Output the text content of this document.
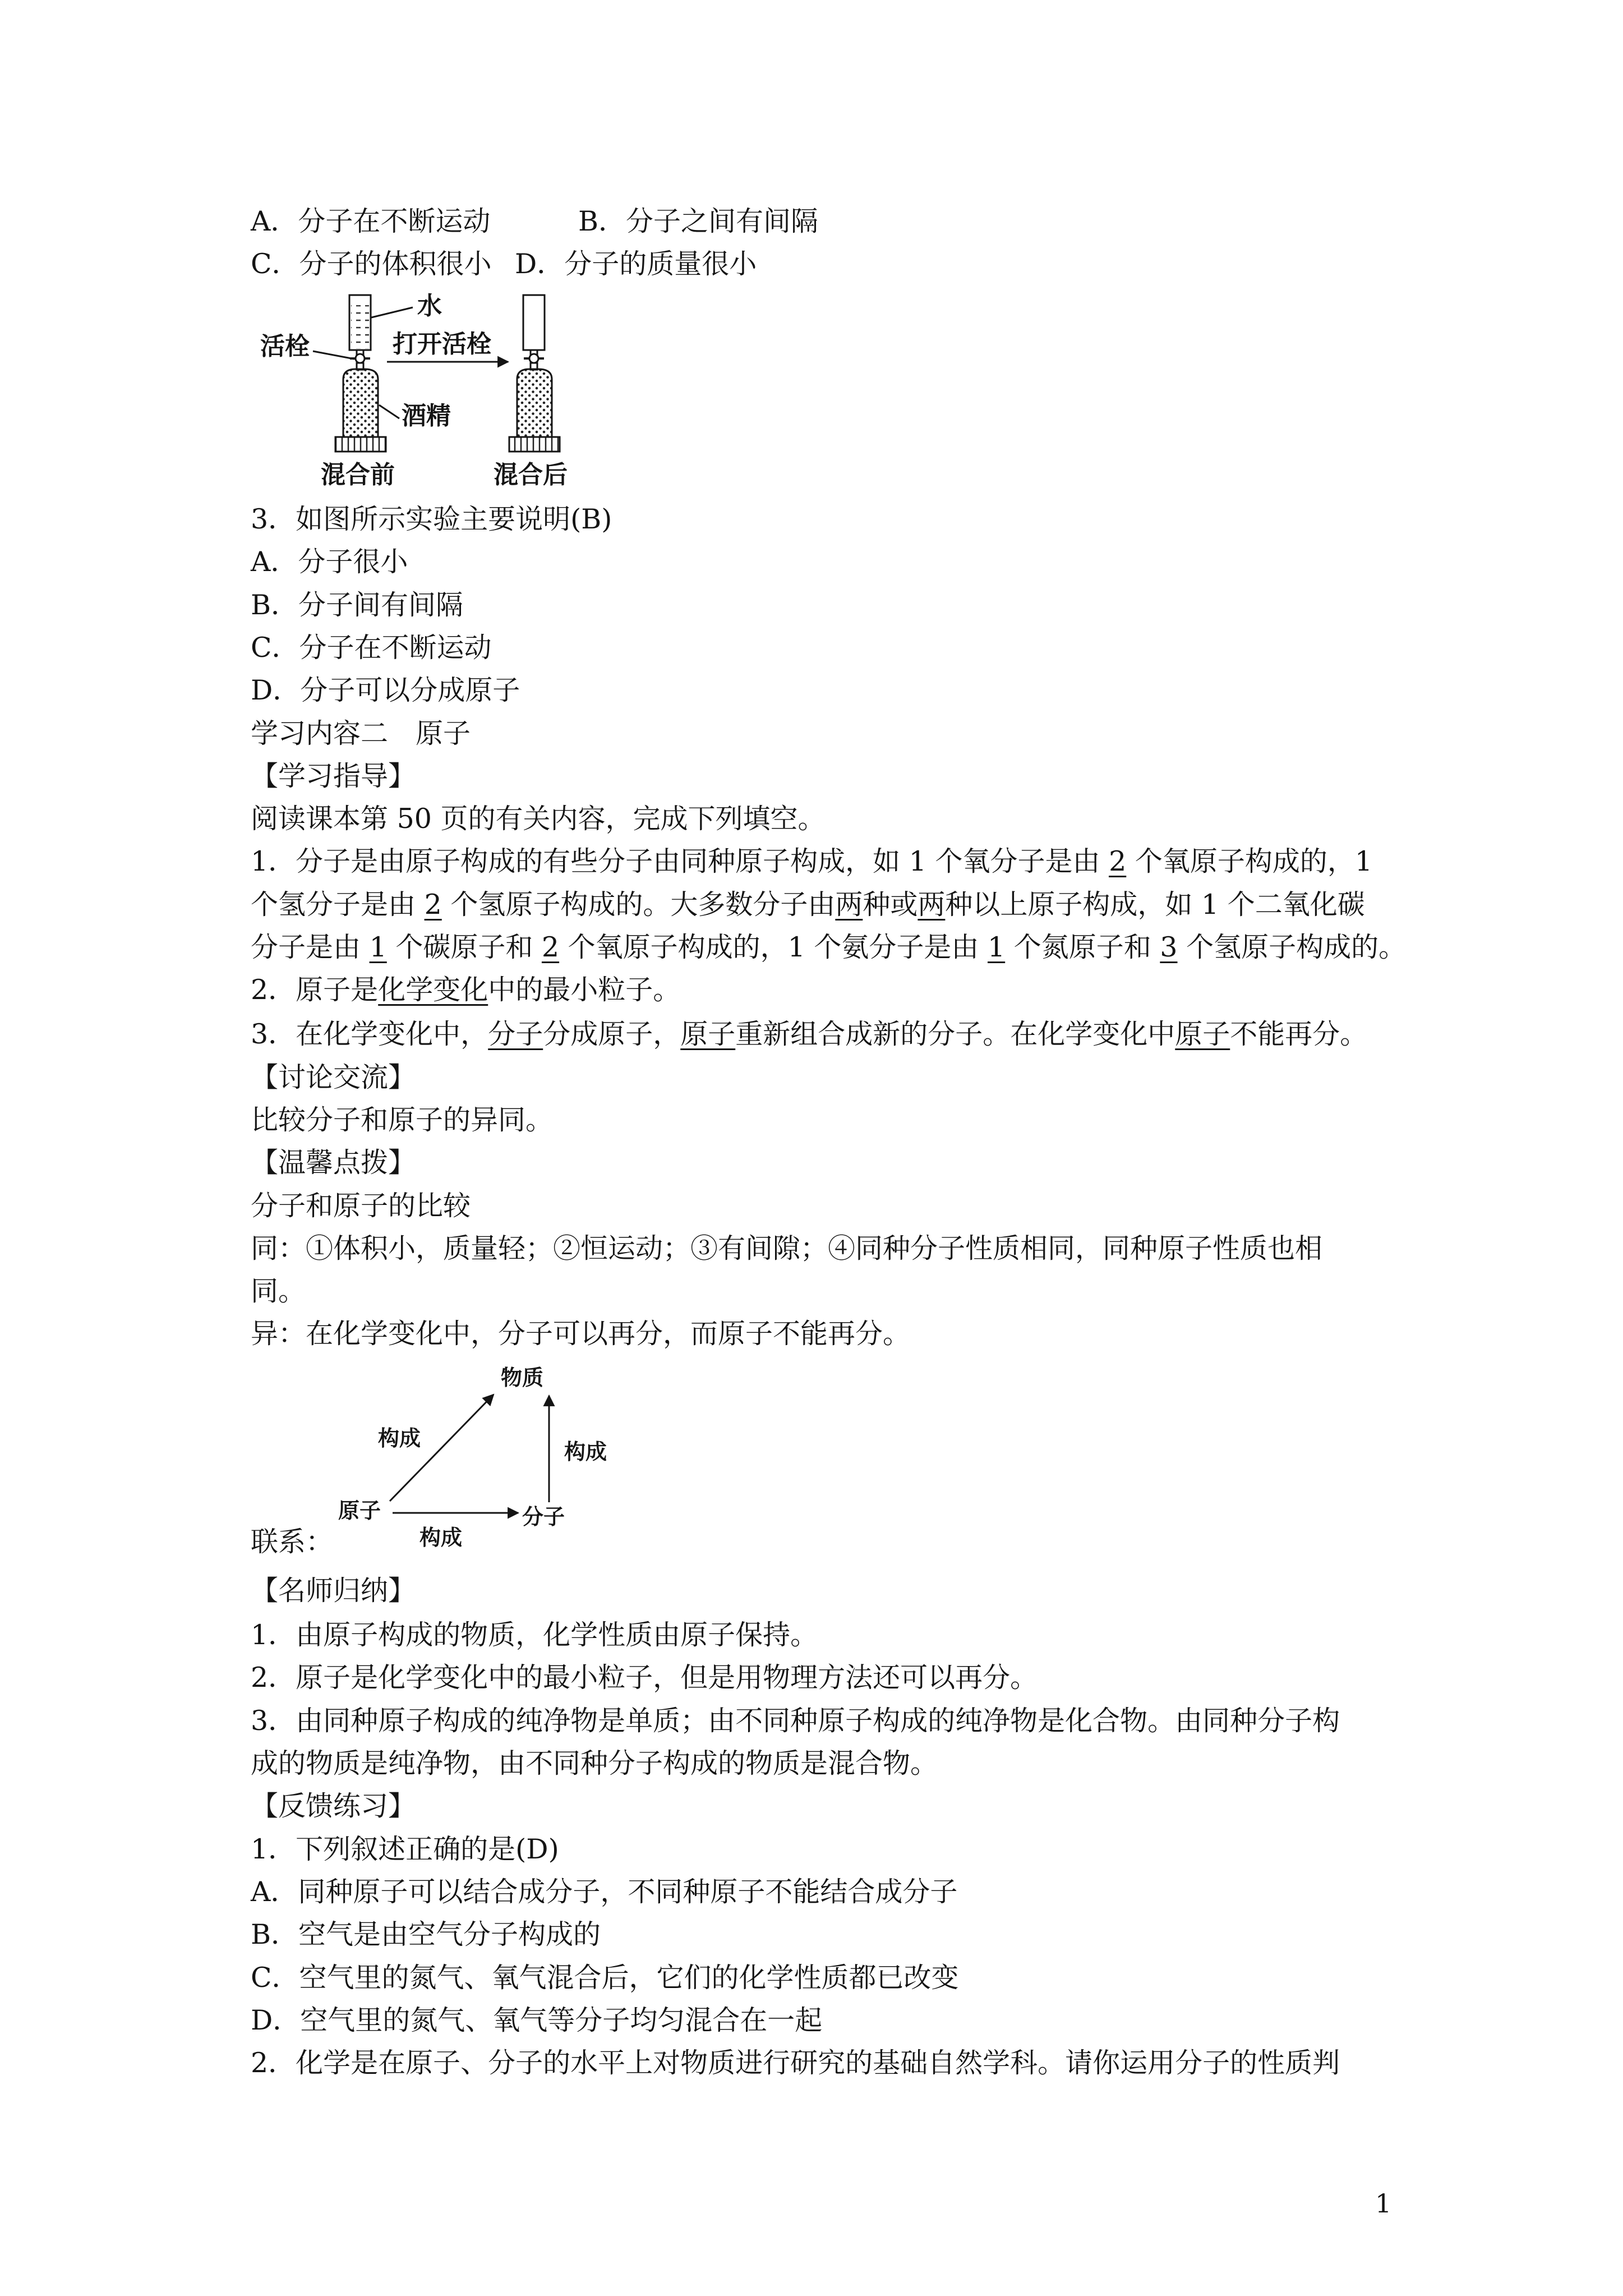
A．分子在不断运动	B．分子之间有间隔
C．分子的体积很小 D．分子的质量很小
水
活栓	打开活栓
酒精
混合前	混合后
3．如图所示实验主要说明(B)
A．分子很小
B．分子间有间隔
C．分子在不断运动
D．分子可以分成原子
学习内容二　原子
【学习指导】
阅读课本第 50 页的有关内容，完成下列填空。
1．分子是由原子构成的有些分子由同种原子构成，如 1 个氧分子是由 2 个氧原子构成的，1
个氢分子是由 2 个氢原子构成的。大多数分子由两种或两种以上原子构成，如 1 个二氧化碳
分子是由 1 个碳原子和 2 个氧原子构成的，1 个氨分子是由 1 个氮原子和 3 个氢原子构成的。
2．原子是化学变化中的最小粒子。
3．在化学变化中，分子分成原子，原子重新组合成新的分子。在化学变化中原子不能再分。
【讨论交流】
比较分子和原子的异同。
【温馨点拨】
分子和原子的比较
同：①体积小，质量轻；②恒运动；③有间隙；④同种分子性质相同，同种原子性质也相
同。
异：在化学变化中，分子可以再分，而原子不能再分。
物质
构成
构成
原子	分子
构成
联系：
【名师归纳】
1．由原子构成的物质，化学性质由原子保持。
2．原子是化学变化中的最小粒子，但是用物理方法还可以再分。
3．由同种原子构成的纯净物是单质；由不同种原子构成的纯净物是化合物。由同种分子构
成的物质是纯净物，由不同种分子构成的物质是混合物。
【反馈练习】
1．下列叙述正确的是(D)
A．同种原子可以结合成分子，不同种原子不能结合成分子
B．空气是由空气分子构成的
C．空气里的氮气、氧气混合后，它们的化学性质都已改变
D．空气里的氮气、氧气等分子均匀混合在一起
2．化学是在原子、分子的水平上对物质进行研究的基础自然学科。请你运用分子的性质判
1
